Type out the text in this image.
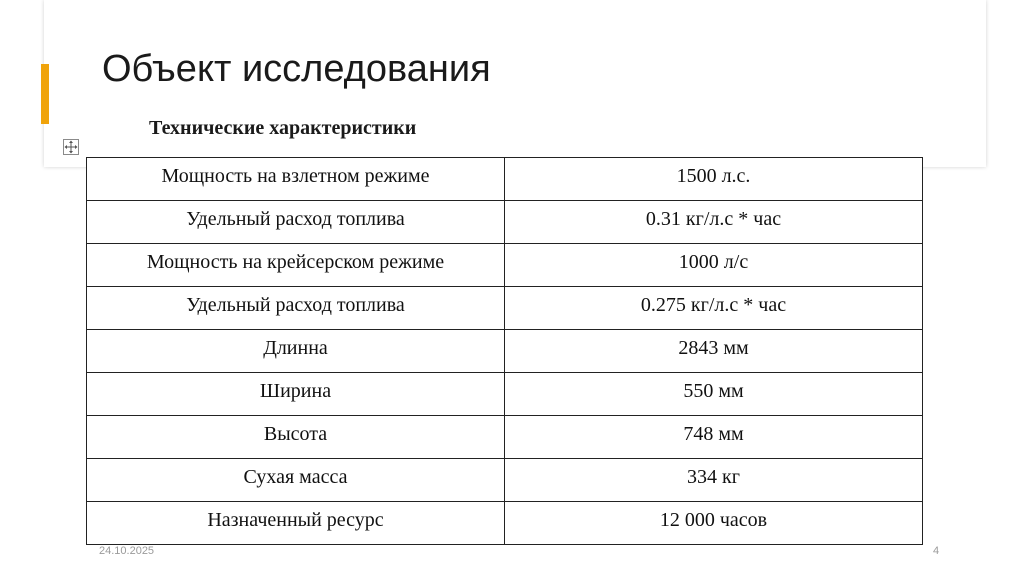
Объект исследования
Технические характеристики
Мощность на взлетном режиме	1500 л.с.
Удельный расход топлива	0.31 кг/л.с * час
Мощность на крейсерском режиме	1000 л/с
Удельный расход топлива	0.275 кг/л.с * час
Длинна	2843 мм
Ширина	550 мм
Высота	748 мм
Сухая масса	334 кг
Назначенный ресурс	12 000 часов
24.10.2025	4
